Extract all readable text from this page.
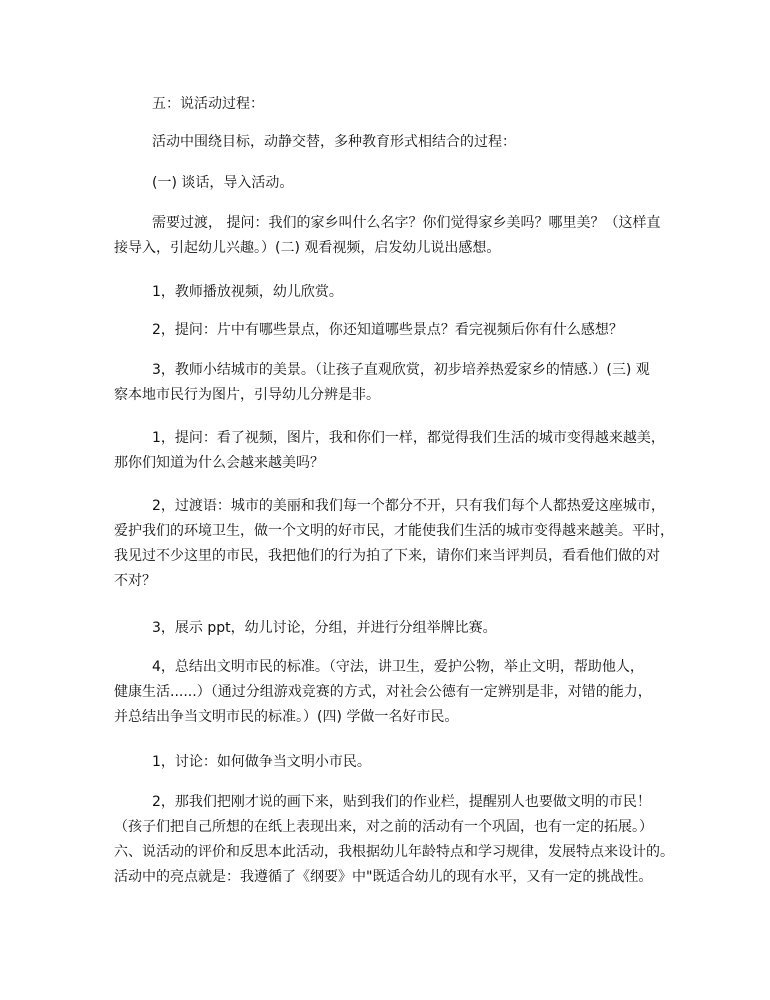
五：说活动过程：

活动中围绕目标，动静交替，多种教育形式相结合的过程：

(一) 谈话，导入活动。

需要过渡， 提问：我们的家乡叫什么名字？你们觉得家乡美吗？哪里美？（这样直
接导入，引起幼儿兴趣。）(二) 观看视频，启发幼儿说出感想。

1，教师播放视频，幼儿欣赏。

2，提问：片中有哪些景点，你还知道哪些景点？看完视频后你有什么感想？

3，教师小结城市的美景。（让孩子直观欣赏，初步培养热爱家乡的情感.）(三) 观
察本地市民行为图片，引导幼儿分辨是非。

1，提问：看了视频，图片，我和你们一样，都觉得我们生活的城市变得越来越美，
那你们知道为什么会越来越美吗？

2，过渡语：城市的美丽和我们每一个都分不开，只有我们每个人都热爱这座城市，
爱护我们的环境卫生，做一个文明的好市民，才能使我们生活的城市变得越来越美。平时，
我见过不少这里的市民，我把他们的行为拍了下来，请你们来当评判员，看看他们做的对
不对？

3，展示 ppt，幼儿讨论，分组，并进行分组举牌比赛。

4，总结出文明市民的标准。（守法，讲卫生，爱护公物，举止文明，帮助他人，
健康生活......）（通过分组游戏竞赛的方式，对社会公德有一定辨别是非，对错的能力，
并总结出争当文明市民的标准。）(四) 学做一名好市民。

1，讨论：如何做争当文明小市民。

2，那我们把刚才说的画下来，贴到我们的作业栏，提醒别人也要做文明的市民！
（孩子们把自己所想的在纸上表现出来，对之前的活动有一个巩固，也有一定的拓展。）
六、说活动的评价和反思本此活动，我根据幼儿年龄特点和学习规律，发展特点来设计的。
活动中的亮点就是：我遵循了《纲要》中"既适合幼儿的现有水平，又有一定的挑战性。
